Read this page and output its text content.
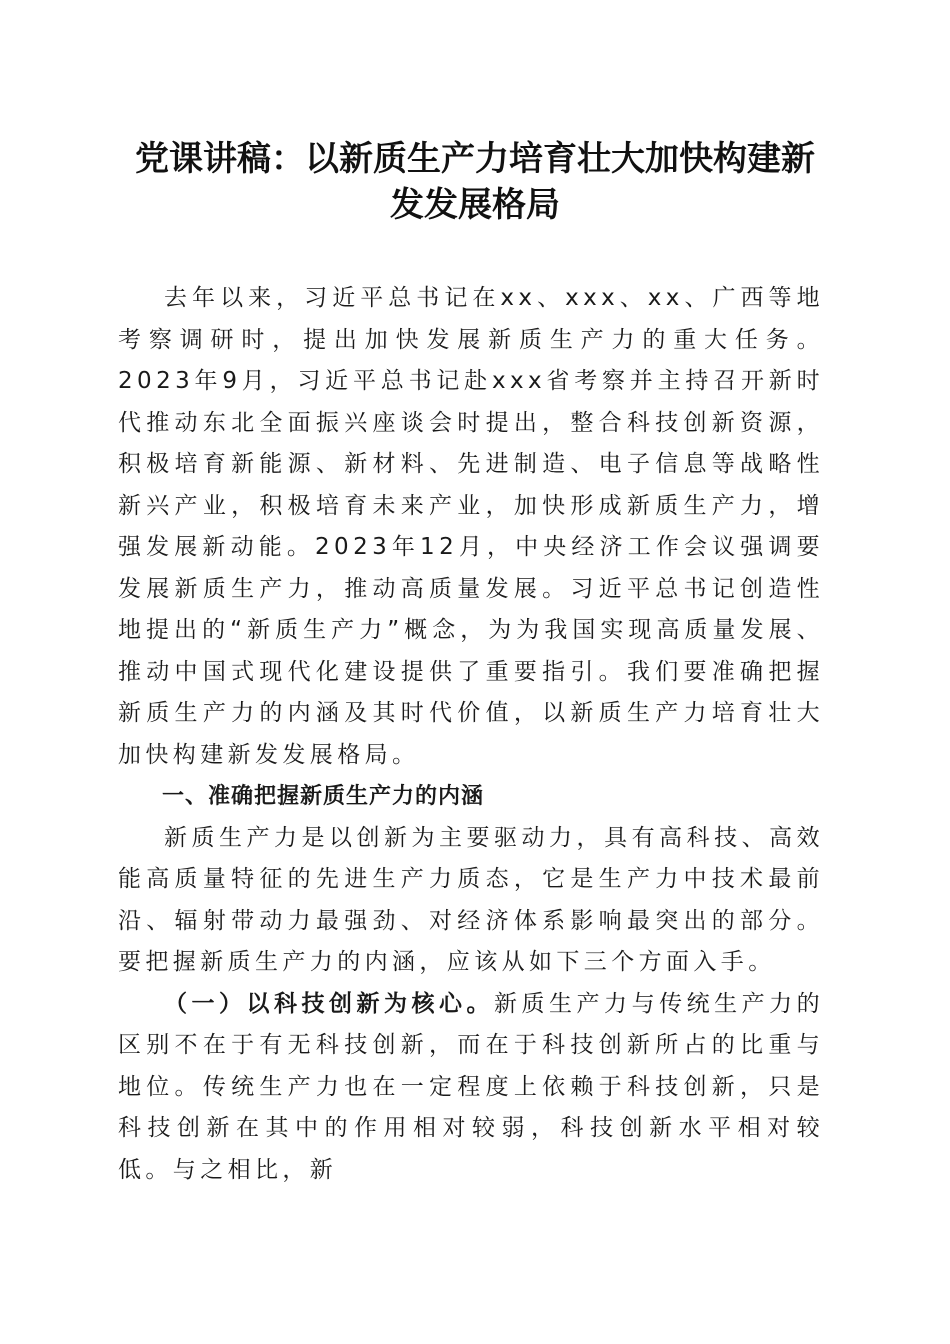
党课讲稿：以新质生产力培育壮大加快构建新
发发展格局

去年以来，习近平总书记在xx、xxx、xx、广西等地考察调研时，提出加快发展新质生产力的重大任务。2023年9月，习近平总书记赴xxx省考察并主持召开新时代推动东北全面振兴座谈会时提出，整合科技创新资源，积极培育新能源、新材料、先进制造、电子信息等战略性新兴产业，积极培育未来产业，加快形成新质生产力，增强发展新动能。2023年12月，中央经济工作会议强调要发展新质生产力，推动高质量发展。习近平总书记创造性地提出的“新质生产力”概念，为为我国实现高质量发展、推动中国式现代化建设提供了重要指引。我们要准确把握新质生产力的内涵及其时代价值，以新质生产力培育壮大加快构建新发发展格局。

一、准确把握新质生产力的内涵

新质生产力是以创新为主要驱动力，具有高科技、高效能高质量特征的先进生产力质态，它是生产力中技术最前沿、辐射带动力最强劲、对经济体系影响最突出的部分。要把握新质生产力的内涵，应该从如下三个方面入手。

（一）以科技创新为核心。新质生产力与传统生产力的区别不在于有无科技创新，而在于科技创新所占的比重与地位。传统生产力也在一定程度上依赖于科技创新，只是科技创新在其中的作用相对较弱，科技创新水平相对较低。与之相比，新
